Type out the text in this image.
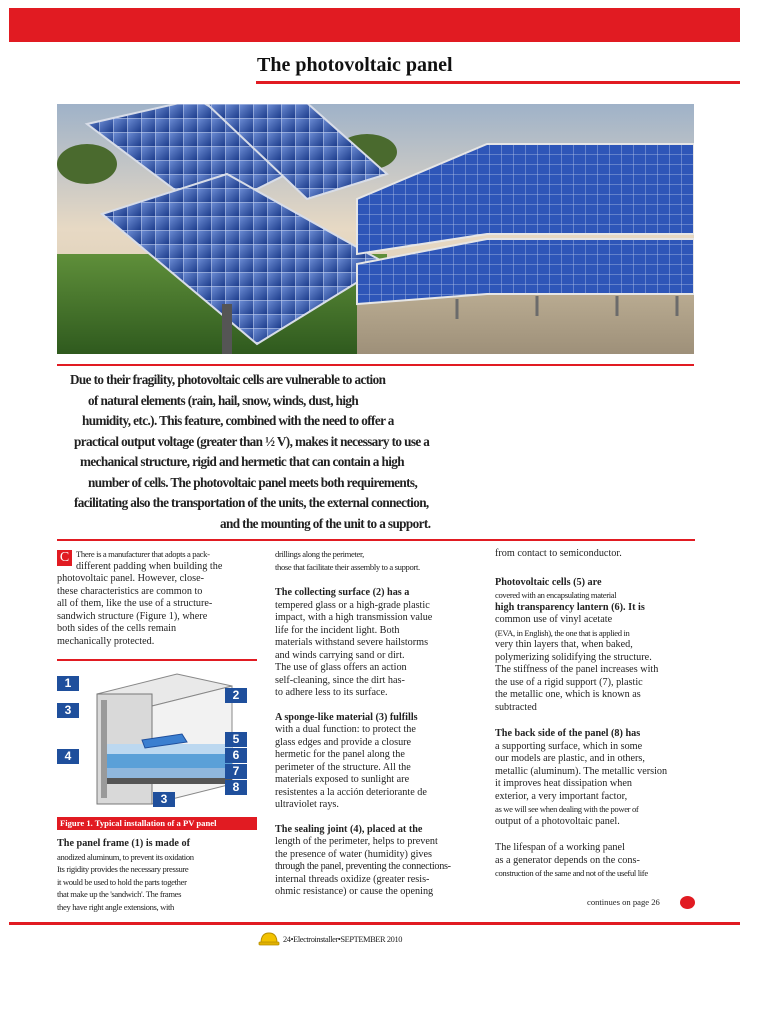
The photovoltaic panel
Due to their fragility, photovoltaic cells are vulnerable to action
of natural elements (rain, hail, snow, winds, dust, high
humidity, etc.). This feature, combined with the need to offer a
practical output voltage (greater than ½ V), makes it necessary to use a
mechanical structure, rigid and hermetic that can contain a high
number of cells. The photovoltaic panel meets both requirements,
facilitating also the transportation of the units, the external connection,
and the mounting of the unit to a support.
C There is a manufacturer that adopts a pack-
different padding when building the
photovoltaic panel. However, close-
these characteristics are common to
all of them, like the use of a structure-
sandwich structure (Figure 1), where
both sides of the cells remain
mechanically protected.
1
2
3
4
5
6
7
8
3
Figure 1. Typical installation of a PV panel
The panel frame (1) is made of
anodized aluminum, to prevent its oxidation
Its rigidity provides the necessary pressure
it would be used to hold the parts together
that make up the 'sandwich'. The frames
they have right angle extensions, with

drillings along the perimeter,
those that facilitate their assembly to a support.

The collecting surface (2) has a
tempered glass or a high-grade plastic
impact, with a high transmission value
life for the incident light. Both
materials withstand severe hailstorms
and winds carrying sand or dirt.
The use of glass offers an action
self-cleaning, since the dirt has-
to adhere less to its surface.

A sponge-like material (3) fulfills
with a dual function: to protect the
glass edges and provide a closure
hermetic for the panel along the
perimeter of the structure. All the
materials exposed to sunlight are
resistentes a la acción deteriorante de
ultraviolet rays.

The sealing joint (4), placed at the
length of the perimeter, helps to prevent
the presence of water (humidity) gives
through the panel, preventing the connections-
internal threads oxidize (greater resis-
ohmic resistance) or cause the opening

from contact to semiconductor.

Photovoltaic cells (5) are
covered with an encapsulating material
high transparency lantern (6). It is
common use of vinyl acetate
(EVA, in English), the one that is applied in
very thin layers that, when baked,
polymerizing solidifying the structure.
The stiffness of the panel increases with
the use of a rigid support (7), plastic
the metallic one, which is known as
subtracted

The back side of the panel (8) has
a supporting surface, which in some
our models are plastic, and in others,
metallic (aluminum). The metallic version
it improves heat dissipation when
exterior, a very important factor,
as we will see when dealing with the power of
output of a photovoltaic panel.

The lifespan of a working panel
as a generator depends on the cons-
construction of the same and not of the useful life

continues on page 26
24•Electroinstaller•SEPTEMBER 2010
